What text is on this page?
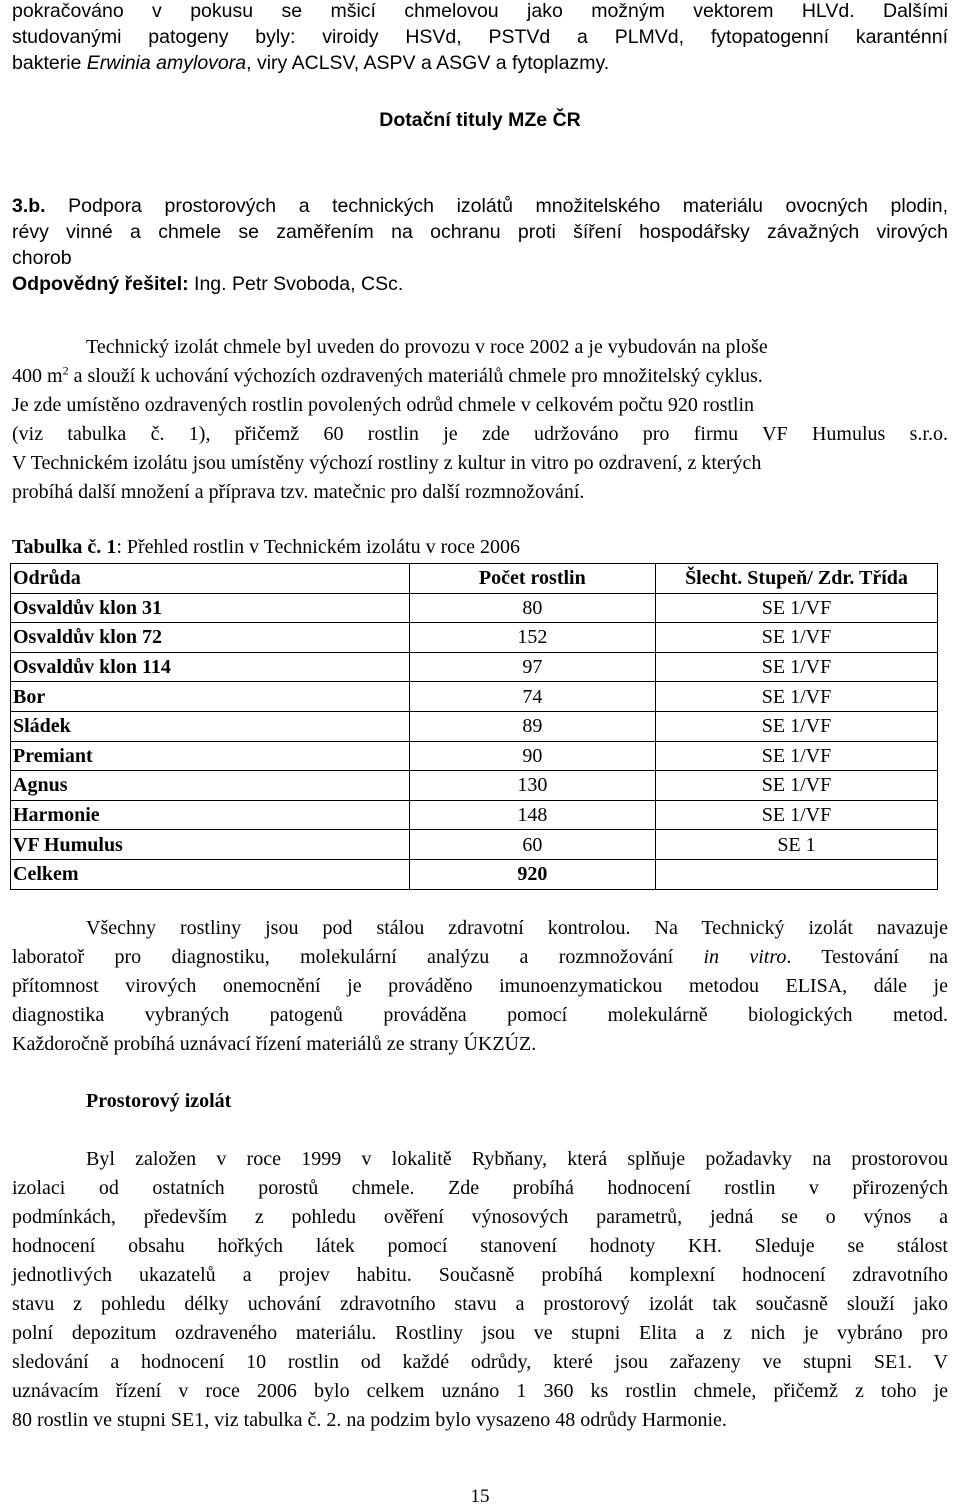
pokračováno v pokusu se mšicí chmelovou jako možným vektorem HLVd. Dalšími
studovanými patogeny byly: viroidy HSVd, PSTVd a PLMVd, fytopatogenní karanténní
bakterie Erwinia amylovora, viry ACLSV, ASPV a ASGV a fytoplazmy.
Dotační tituly MZe ČR
3.b. Podpora prostorových a technických izolátů množitelského materiálu ovocných plodin,
révy vinné a chmele se zaměřením na ochranu proti šíření hospodářsky závažných virových
chorob
Odpovědný řešitel: Ing. Petr Svoboda, CSc.
Technický izolát chmele byl uveden do provozu v roce 2002 a je vybudován na ploše
400 $m^2$ a slouží k uchování výchozích ozdravených materiálů chmele pro množitelský cyklus.
Je zde umístěno ozdravených rostlin povolených odrůd chmele v celkovém počtu 920 rostlin
(viz tabulka č. 1), přičemž 60 rostlin je zde udržováno pro firmu VF Humulus s.r.o.
V Technickém izolátu jsou umístěny výchozí rostliny z kultur in vitro po ozdravení, z kterých
probíhá další množení a příprava tzv. matečnic pro další rozmnožování.
Tabulka č. 1: Přehled rostlin v Technickém izolátu v roce 2006
Odrůda	Počet rostlin	Šlecht. Stupeň/ Zdr. Třída
Osvaldův klon 31	80	SE 1/VF
Osvaldův klon 72	152	SE 1/VF
Osvaldův klon 114	97	SE 1/VF
Bor	74	SE 1/VF
Sládek	89	SE 1/VF
Premiant	90	SE 1/VF
Agnus	130	SE 1/VF
Harmonie	148	SE 1/VF
VF Humulus	60	SE 1
Celkem	920	
Všechny rostliny jsou pod stálou zdravotní kontrolou. Na Technický izolát navazuje
laboratoř pro diagnostiku, molekulární analýzu a rozmnožování in vitro. Testování na
přítomnost virových onemocnění je prováděno imunoenzymatickou metodou ELISA, dále je
diagnostika vybraných patogenů prováděna pomocí molekulárně biologických metod.
Každoročně probíhá uznávací řízení materiálů ze strany ÚKZÚZ.
Prostorový izolát
Byl založen v roce 1999 v lokalitě Rybňany, která splňuje požadavky na prostorovou
izolaci od ostatních porostů chmele. Zde probíhá hodnocení rostlin v přirozených
podmínkách, především z pohledu ověření výnosových parametrů, jedná se o výnos a
hodnocení obsahu hořkých látek pomocí stanovení hodnoty KH. Sleduje se stálost
jednotlivých ukazatelů a projev habitu. Současně probíhá komplexní hodnocení zdravotního
stavu z pohledu délky uchování zdravotního stavu a prostorový izolát tak současně slouží jako
polní depozitum ozdraveného materiálu. Rostliny jsou ve stupni Elita a z nich je vybráno pro
sledování a hodnocení 10 rostlin od každé odrůdy, které jsou zařazeny ve stupni SE1. V
uznávacím řízení v roce 2006 bylo celkem uznáno 1 360 ks rostlin chmele, přičemž z toho je
80 rostlin ve stupni SE1, viz tabulka č. 2. na podzim bylo vysazeno 48 odrůdy Harmonie.
15
